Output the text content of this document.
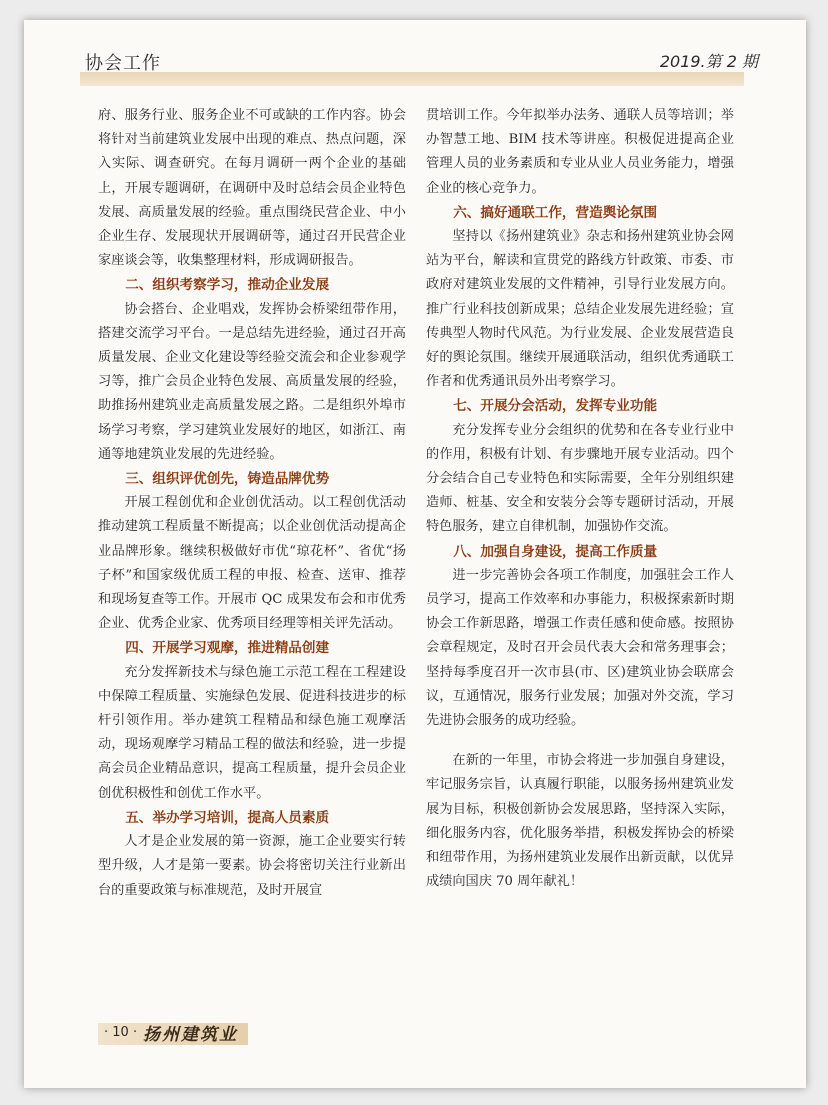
协会工作	2019.第 2 期

府、服务行业、服务企业不可或缺的工作内容。协会将针对当前建筑业发展中出现的难点、热点问题，深入实际、调查研究。在每月调研一两个企业的基础上，开展专题调研，在调研中及时总结会员企业特色发展、高质量发展的经验。重点围绕民营企业、中小企业生存、发展现状开展调研等，通过召开民营企业家座谈会等，收集整理材料，形成调研报告。

二、组织考察学习，推动企业发展

协会搭台、企业唱戏，发挥协会桥梁纽带作用，搭建交流学习平台。一是总结先进经验，通过召开高质量发展、企业文化建设等经验交流会和企业参观学习等，推广会员企业特色发展、高质量发展的经验，助推扬州建筑业走高质量发展之路。二是组织外埠市场学习考察，学习建筑业发展好的地区，如浙江、南通等地建筑业发展的先进经验。

三、组织评优创先，铸造品牌优势

开展工程创优和企业创优活动。以工程创优活动推动建筑工程质量不断提高；以企业创优活动提高企业品牌形象。继续积极做好市优“琼花杯”、省优“扬子杯”和国家级优质工程的申报、检查、送审、推荐和现场复查等工作。开展市 QC 成果发布会和市优秀企业、优秀企业家、优秀项目经理等相关评先活动。

四、开展学习观摩，推进精品创建

充分发挥新技术与绿色施工示范工程在工程建设中保障工程质量、实施绿色发展、促进科技进步的标杆引领作用。举办建筑工程精品和绿色施工观摩活动，现场观摩学习精品工程的做法和经验，进一步提高会员企业精品意识，提高工程质量，提升会员企业创优积极性和创优工作水平。

五、举办学习培训，提高人员素质

人才是企业发展的第一资源，施工企业要实行转型升级，人才是第一要素。协会将密切关注行业新出台的重要政策与标准规范，及时开展宣

贯培训工作。今年拟举办法务、通联人员等培训；举办智慧工地、BIM 技术等讲座。积极促进提高企业管理人员的业务素质和专业从业人员业务能力，增强企业的核心竞争力。

六、搞好通联工作，营造舆论氛围

坚持以《扬州建筑业》杂志和扬州建筑业协会网站为平台，解读和宣贯党的路线方针政策、市委、市政府对建筑业发展的文件精神，引导行业发展方向。推广行业科技创新成果；总结企业发展先进经验；宣传典型人物时代风范。为行业发展、企业发展营造良好的舆论氛围。继续开展通联活动，组织优秀通联工作者和优秀通讯员外出考察学习。

七、开展分会活动，发挥专业功能

充分发挥专业分会组织的优势和在各专业行业中的作用，积极有计划、有步骤地开展专业活动。四个分会结合自己专业特色和实际需要，全年分别组织建造师、桩基、安全和安装分会等专题研讨活动，开展特色服务，建立自律机制，加强协作交流。

八、加强自身建设，提高工作质量

进一步完善协会各项工作制度，加强驻会工作人员学习，提高工作效率和办事能力，积极探索新时期协会工作新思路，增强工作责任感和使命感。按照协会章程规定，及时召开会员代表大会和常务理事会；坚持每季度召开一次市县(市、区)建筑业协会联席会议，互通情况，服务行业发展；加强对外交流，学习先进协会服务的成功经验。

在新的一年里，市协会将进一步加强自身建设，牢记服务宗旨，认真履行职能，以服务扬州建筑业发展为目标，积极创新协会发展思路，坚持深入实际，细化服务内容，优化服务举措，积极发挥协会的桥梁和纽带作用，为扬州建筑业发展作出新贡献，以优异成绩向国庆 70 周年献礼！

· 10 · 扬州建筑业
